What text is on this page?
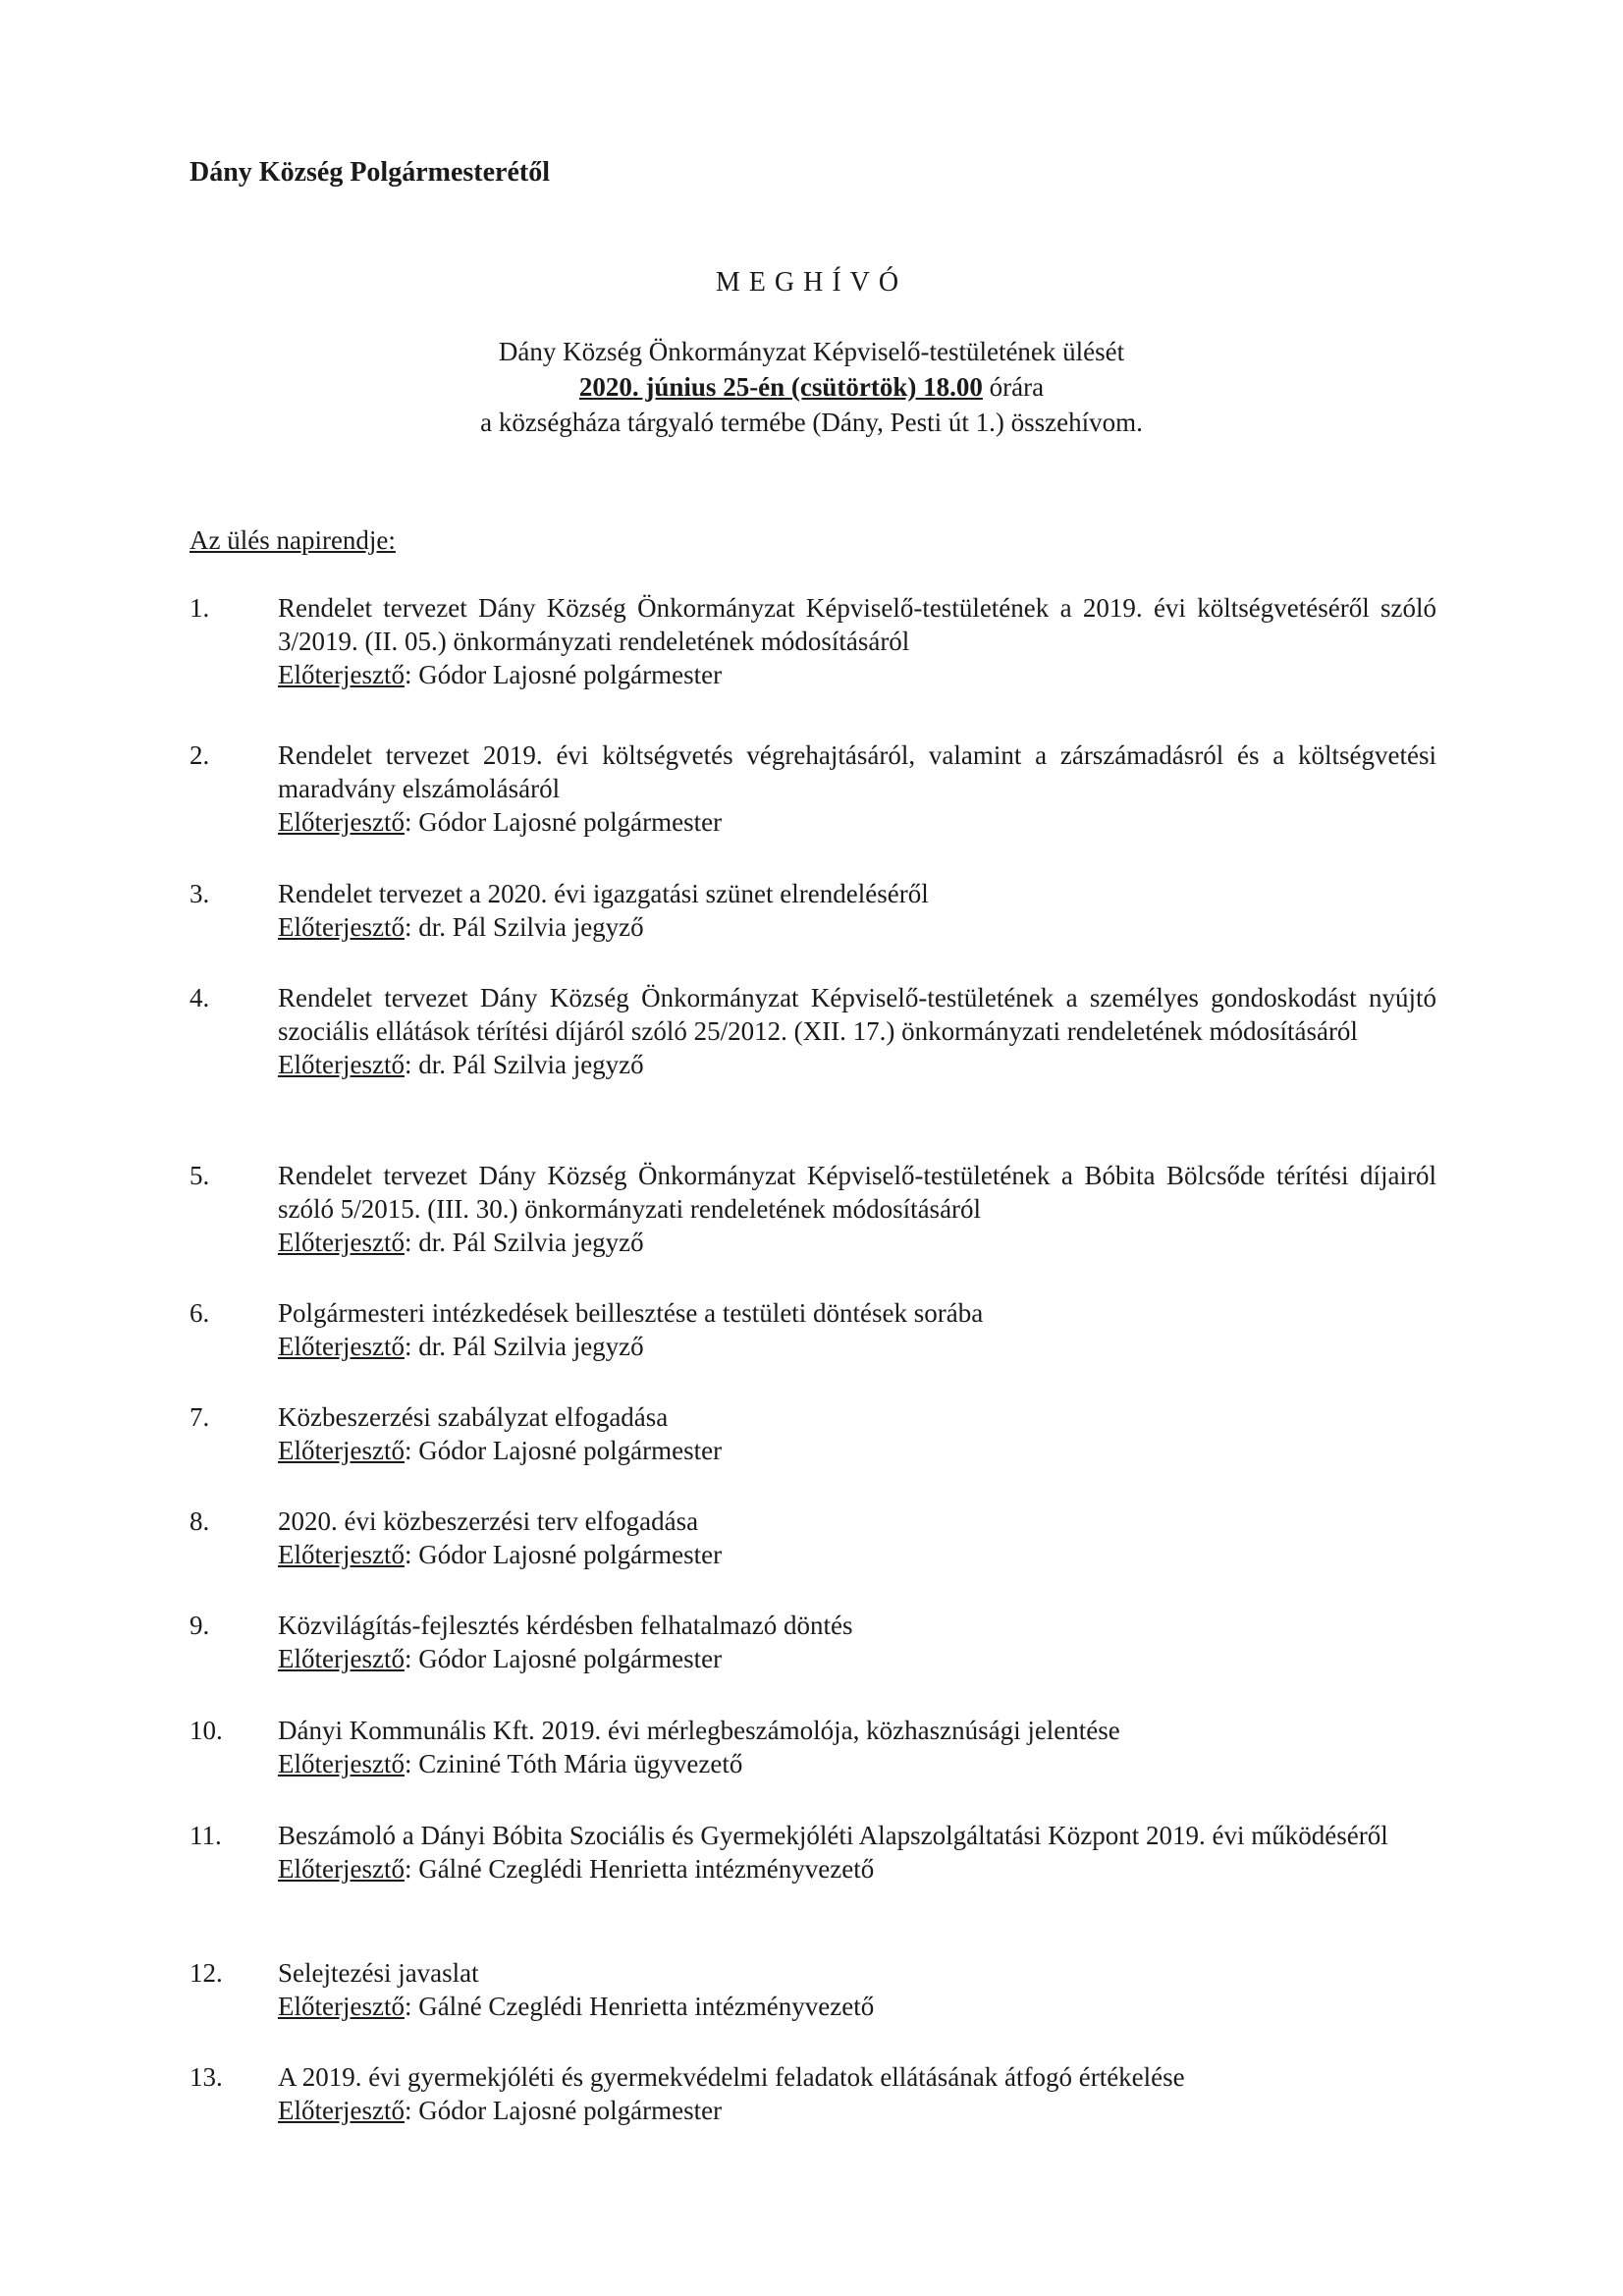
Dány Község Polgármesterétől
MEGHÍVÓ
Dány Község Önkormányzat Képviselő-testületének ülését
2020. június 25-én (csütörtök) 18.00 órára
a községháza tárgyaló termébe (Dány, Pesti út 1.) összehívom.
Az ülés napirendje:
1.	Rendelet tervezet Dány Község Önkormányzat Képviselő-testületének a 2019. évi költségvetéséről szóló 3/2019. (II. 05.) önkormányzati rendeletének módosításáról
Előterjesztő: Gódor Lajosné polgármester
2.	Rendelet tervezet 2019. évi költségvetés végrehajtásáról, valamint a zárszámadásról és a költségvetési maradvány elszámolásáról
Előterjesztő: Gódor Lajosné polgármester
3.	Rendelet tervezet a 2020. évi igazgatási szünet elrendeléséről
Előterjesztő: dr. Pál Szilvia jegyző
4.	Rendelet tervezet Dány Község Önkormányzat Képviselő-testületének a személyes gondoskodást nyújtó szociális ellátások térítési díjáról szóló 25/2012. (XII. 17.) önkormányzati rendeletének módosításáról
Előterjesztő: dr. Pál Szilvia jegyző
5.	Rendelet tervezet Dány Község Önkormányzat Képviselő-testületének a Bóbita Bölcsőde térítési díjairól szóló 5/2015. (III. 30.) önkormányzati rendeletének módosításáról
Előterjesztő: dr. Pál Szilvia jegyző
6.	Polgármesteri intézkedések beillesztése a testületi döntések sorába
Előterjesztő: dr. Pál Szilvia jegyző
7.	Közbeszerzési szabályzat elfogadása
Előterjesztő: Gódor Lajosné polgármester
8.	2020. évi közbeszerzési terv elfogadása
Előterjesztő: Gódor Lajosné polgármester
9.	Közvilágítás-fejlesztés kérdésben felhatalmazó döntés
Előterjesztő: Gódor Lajosné polgármester
10.	Dányi Kommunális Kft. 2019. évi mérlegbeszámolója, közhasznúsági jelentése
Előterjesztő: Czininé Tóth Mária ügyvezető
11.	Beszámoló a Dányi Bóbita Szociális és Gyermekjóléti Alapszolgáltatási Központ 2019. évi működéséről
Előterjesztő: Gálné Czeglédi Henrietta intézményvezető
12.	Selejtezési javaslat
Előterjesztő: Gálné Czeglédi Henrietta intézményvezető
13.	A 2019. évi gyermekjóléti és gyermekvédelmi feladatok ellátásának átfogó értékelése
Előterjesztő: Gódor Lajosné polgármester
